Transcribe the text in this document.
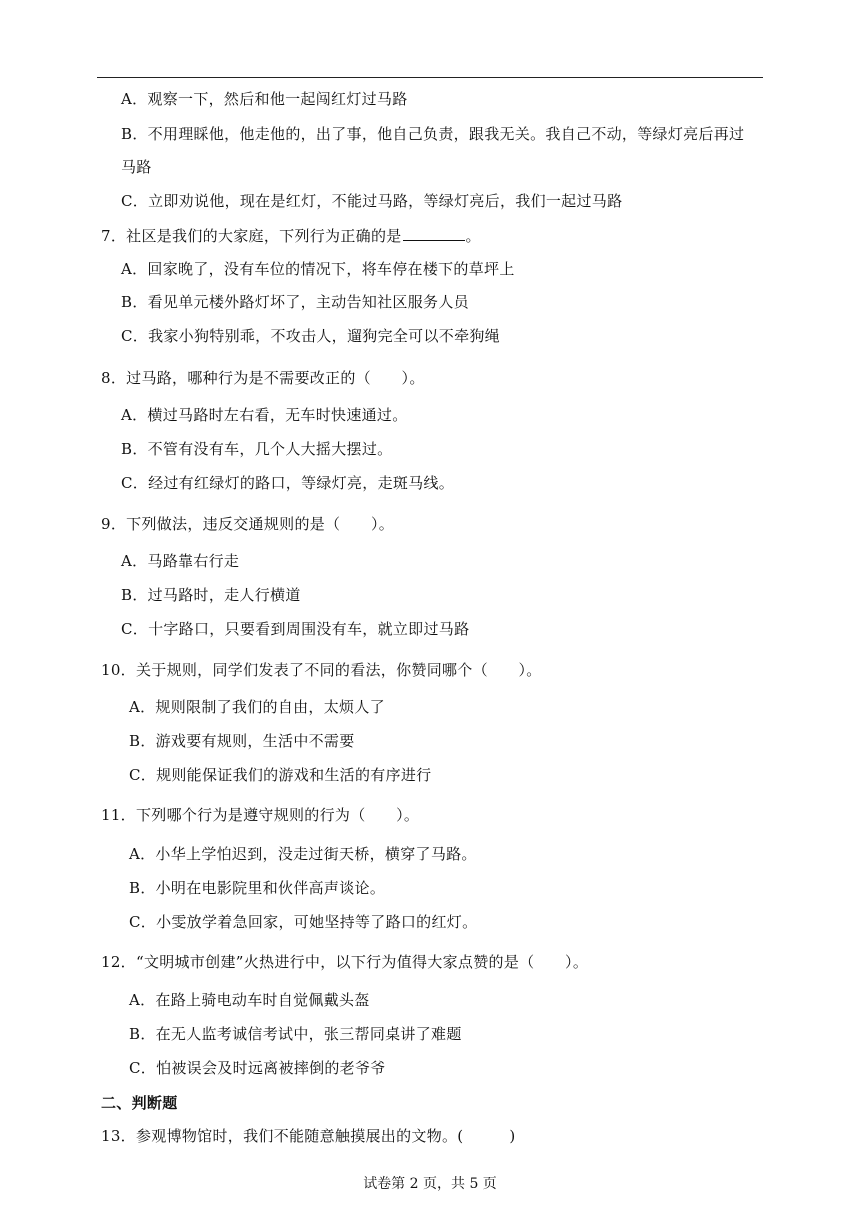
A．观察一下，然后和他一起闯红灯过马路
B．不用理睬他，他走他的，出了事，他自己负责，跟我无关。我自己不动，等绿灯亮后再过
马路
C．立即劝说他，现在是红灯，不能过马路，等绿灯亮后，我们一起过马路
7．社区是我们的大家庭，下列行为正确的是	。
A．回家晚了，没有车位的情况下，将车停在楼下的草坪上
B．看见单元楼外路灯坏了，主动告知社区服务人员
C．我家小狗特别乖，不攻击人，遛狗完全可以不牵狗绳
8．过马路，哪种行为是不需要改正的（　　）。
A．横过马路时左右看，无车时快速通过。
B．不管有没有车，几个人大摇大摆过。
C．经过有红绿灯的路口，等绿灯亮，走斑马线。
9．下列做法，违反交通规则的是（　　）。
A．马路靠右行走
B．过马路时，走人行横道
C．十字路口，只要看到周围没有车，就立即过马路
10．关于规则，同学们发表了不同的看法，你赞同哪个（　　）。
A．规则限制了我们的自由，太烦人了
B．游戏要有规则，生活中不需要
C．规则能保证我们的游戏和生活的有序进行
11．下列哪个行为是遵守规则的行为（　　）。
A．小华上学怕迟到，没走过街天桥，横穿了马路。
B．小明在电影院里和伙伴高声谈论。
C．小雯放学着急回家，可她坚持等了路口的红灯。
12．“文明城市创建”火热进行中，以下行为值得大家点赞的是（　　）。
A．在路上骑电动车时自觉佩戴头盔
B．在无人监考诚信考试中，张三帮同桌讲了难题
C．怕被误会及时远离被摔倒的老爷爷
二、判断题
13．参观博物馆时，我们不能随意触摸展出的文物。(　　　)
试卷第 2 页，共 5 页
